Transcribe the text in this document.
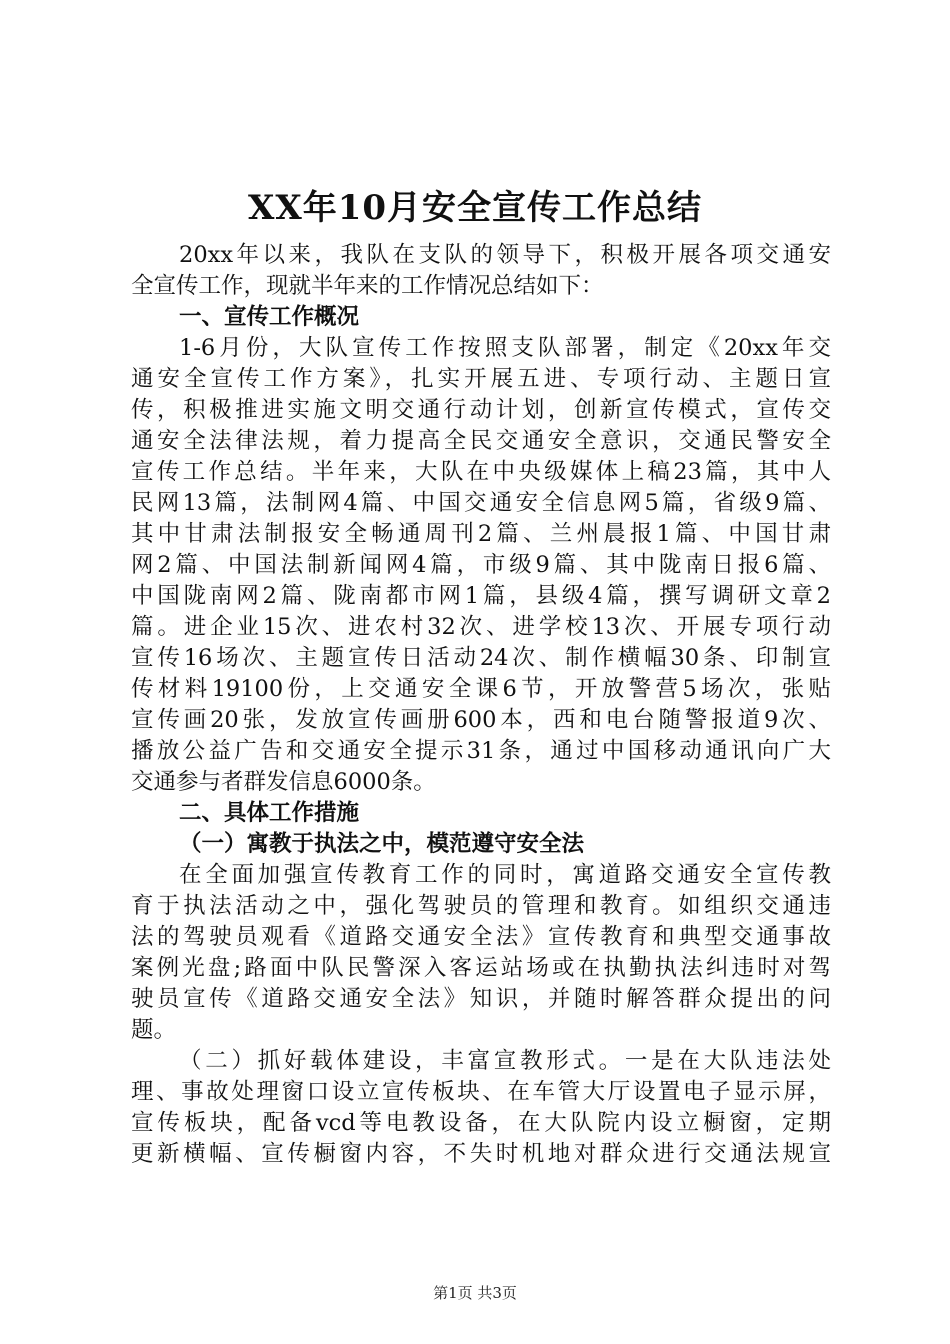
XX年10月安全宣传工作总结
20xx年以来，我队在支队的领导下，积极开展各项交通安
全宣传工作，现就半年来的工作情况总结如下：
一、宣传工作概况
1-6月份，大队宣传工作按照支队部署，制定《20xx年交
通安全宣传工作方案》，扎实开展五进、专项行动、主题日宣
传，积极推进实施文明交通行动计划，创新宣传模式，宣传交
通安全法律法规，着力提高全民交通安全意识，交通民警安全
宣传工作总结。半年来，大队在中央级媒体上稿23篇，其中人
民网13篇，法制网4篇、中国交通安全信息网5篇，省级9篇、
其中甘肃法制报安全畅通周刊2篇、兰州晨报1篇、中国甘肃
网2篇、中国法制新闻网4篇，市级9篇、其中陇南日报6篇、
中国陇南网2篇、陇南都市网1篇，县级4篇，撰写调研文章2
篇。进企业15次、进农村32次、进学校13次、开展专项行动
宣传16场次、主题宣传日活动24次、制作横幅30条、印制宣
传材料19100份，上交通安全课6节，开放警营5场次，张贴
宣传画20张，发放宣传画册600本，西和电台随警报道9次、
播放公益广告和交通安全提示31条，通过中国移动通讯向广大
交通参与者群发信息6000条。
二、具体工作措施
（一）寓教于执法之中，模范遵守安全法
在全面加强宣传教育工作的同时，寓道路交通安全宣传教
育于执法活动之中，强化驾驶员的管理和教育。如组织交通违
法的驾驶员观看《道路交通安全法》宣传教育和典型交通事故
案例光盘;路面中队民警深入客运站场或在执勤执法纠违时对驾
驶员宣传《道路交通安全法》知识，并随时解答群众提出的问
题。
（二）抓好载体建设，丰富宣教形式。一是在大队违法处
理、事故处理窗口设立宣传板块、在车管大厅设置电子显示屏，
宣传板块，配备vcd等电教设备，在大队院内设立橱窗，定期
更新横幅、宣传橱窗内容，不失时机地对群众进行交通法规宣
第1页 共3页
